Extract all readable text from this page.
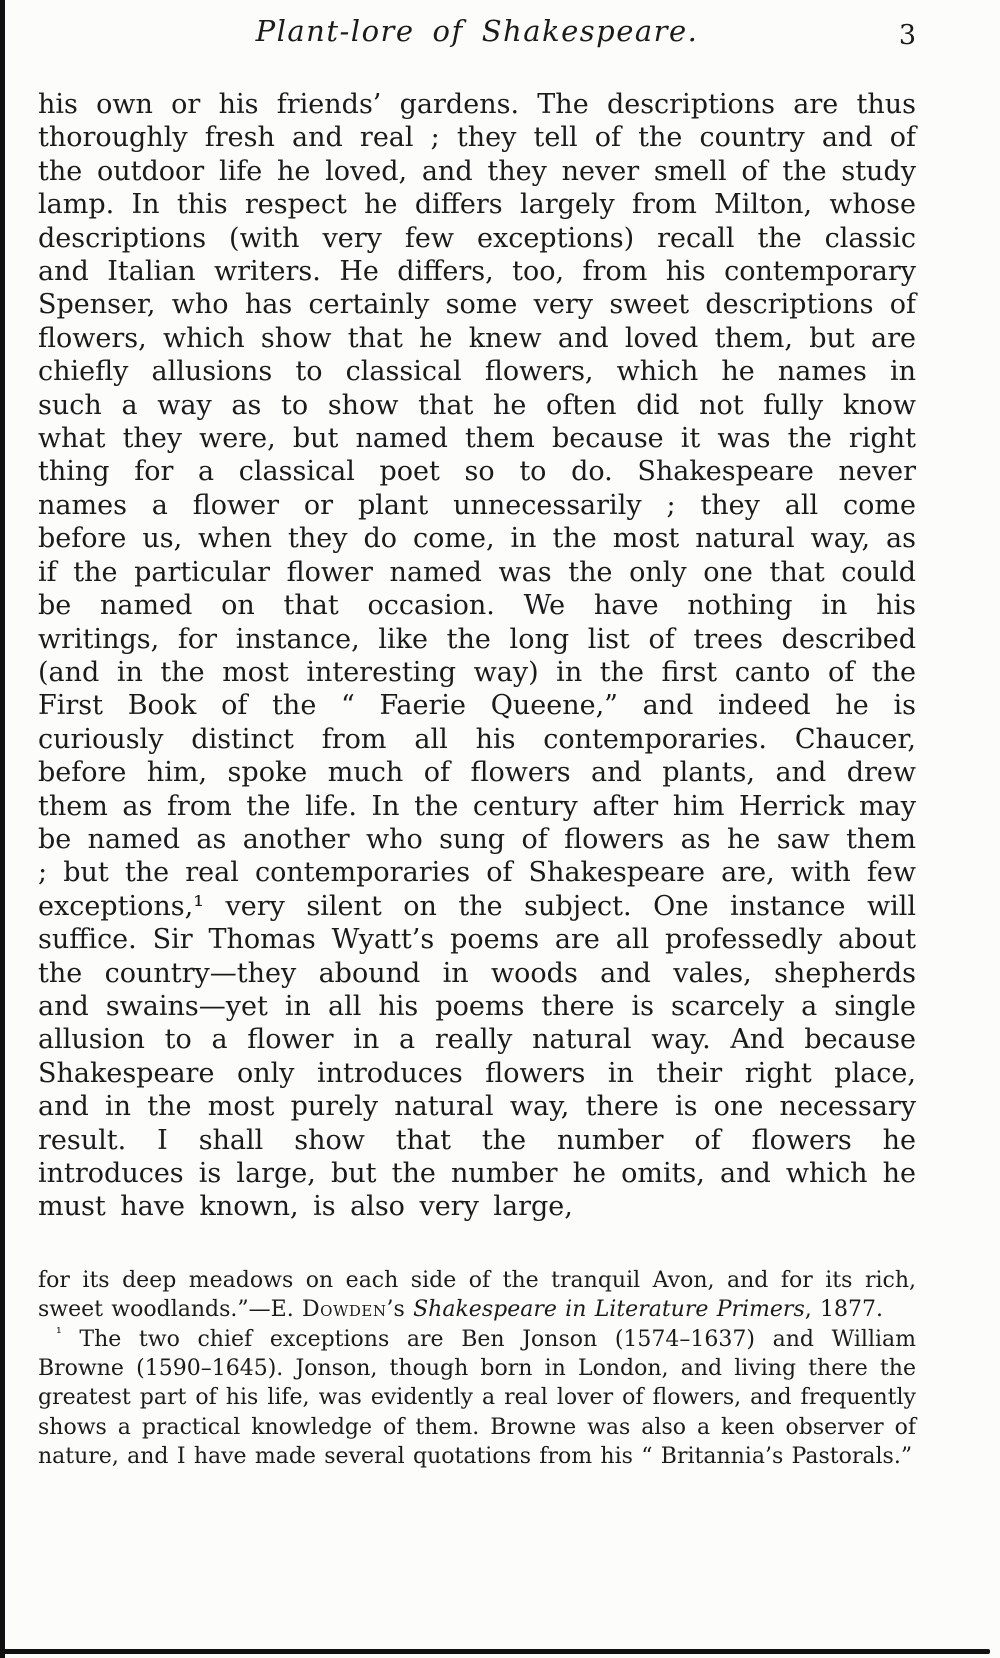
Plant-lore of Shakespeare.	3

his own or his friends’ gardens. The descriptions are thus thoroughly fresh and real ; they tell of the country and of the outdoor life he loved, and they never smell of the study lamp. In this respect he differs largely from Milton, whose descriptions (with very few exceptions) recall the classic and Italian writers. He differs, too, from his contemporary Spenser, who has certainly some very sweet descriptions of flowers, which show that he knew and loved them, but are chiefly allusions to classical flowers, which he names in such a way as to show that he often did not fully know what they were, but named them because it was the right thing for a classical poet so to do. Shakespeare never names a flower or plant unnecessarily ; they all come before us, when they do come, in the most natural way, as if the particular flower named was the only one that could be named on that occasion. We have nothing in his writings, for instance, like the long list of trees described (and in the most interesting way) in the first canto of the First Book of the “ Faerie Queene,” and indeed he is curiously distinct from all his contemporaries. Chaucer, before him, spoke much of flowers and plants, and drew them as from the life. In the century after him Herrick may be named as another who sung of flowers as he saw them ; but the real contemporaries of Shakespeare are, with few exceptions,¹ very silent on the subject. One instance will suffice. Sir Thomas Wyatt’s poems are all professedly about the country—they abound in woods and vales, shepherds and swains—yet in all his poems there is scarcely a single allusion to a flower in a really natural way. And because Shakespeare only introduces flowers in their right place, and in the most purely natural way, there is one necessary result. I shall show that the number of flowers he introduces is large, but the number he omits, and which he must have known, is also very large,

for its deep meadows on each side of the tranquil Avon, and for its rich, sweet woodlands.”—E. Dowden’s Shakespeare in Literature Primers, 1877.

$^{^1}$ The two chief exceptions are Ben Jonson (1574–1637) and William Browne (1590–1645). Jonson, though born in London, and living there the greatest part of his life, was evidently a real lover of flowers, and frequently shows a practical knowledge of them. Browne was also a keen observer of nature, and I have made several quotations from his “ Britannia’s Pastorals.”
